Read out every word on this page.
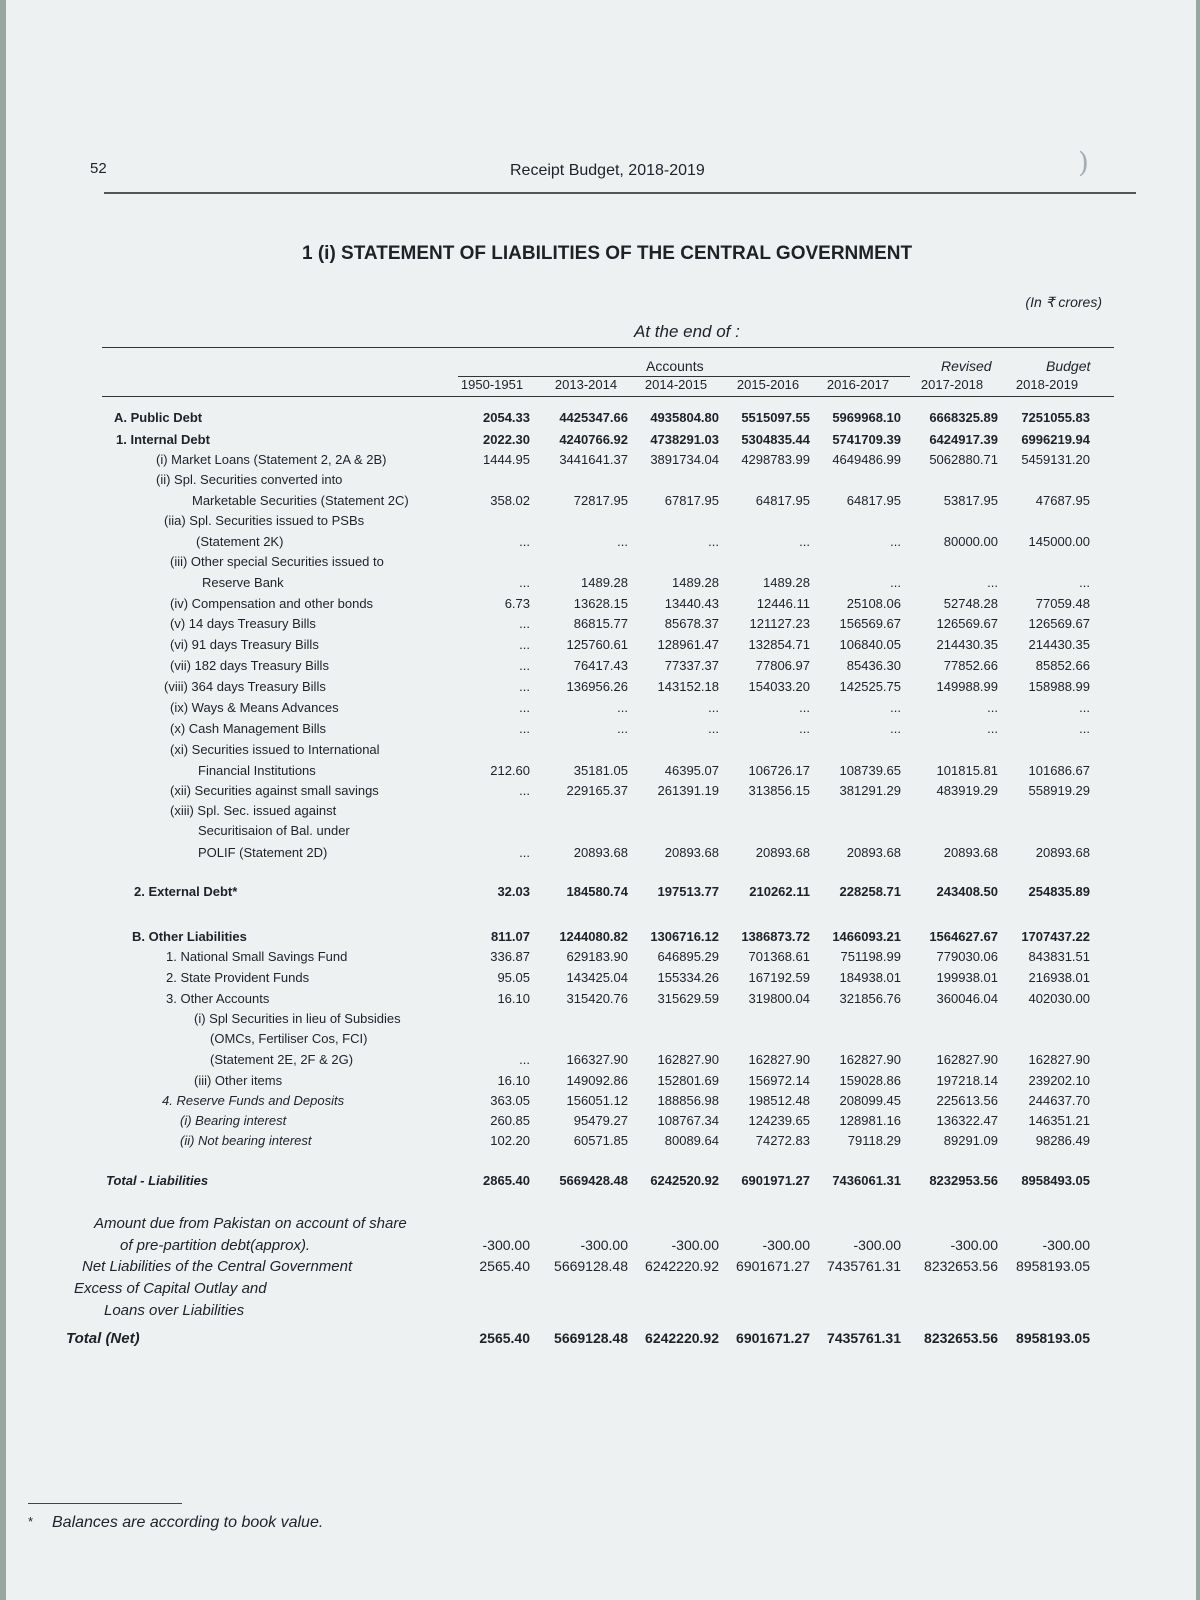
52	Receipt Budget, 2018-2019	)
1 (i) STATEMENT OF LIABILITIES OF THE CENTRAL GOVERNMENT
(In ₹ crores)
At the end of :
Accounts	Revised	Budget
1950-1951	2013-2014	2014-2015	2015-2016	2016-2017	2017-2018	2018-2019
A. Public Debt	2054.33	4425347.66	4935804.80	5515097.55	5969968.10	6668325.89	7251055.83
1. Internal Debt	2022.30	4240766.92	4738291.03	5304835.44	5741709.39	6424917.39	6996219.94
(i) Market Loans (Statement 2, 2A & 2B)	1444.95	3441641.37	3891734.04	4298783.99	4649486.99	5062880.71	5459131.20
(ii) Spl. Securities converted into
Marketable Securities (Statement 2C)	358.02	72817.95	67817.95	64817.95	64817.95	53817.95	47687.95
(iia) Spl. Securities issued to PSBs
(Statement 2K)	...	...	...	...	...	80000.00	145000.00
(iii) Other special Securities issued to
Reserve Bank	...	1489.28	1489.28	1489.28	...	...	...
(iv) Compensation and other bonds	6.73	13628.15	13440.43	12446.11	25108.06	52748.28	77059.48
(v) 14 days Treasury Bills	...	86815.77	85678.37	121127.23	156569.67	126569.67	126569.67
(vi) 91 days Treasury Bills	...	125760.61	128961.47	132854.71	106840.05	214430.35	214430.35
(vii) 182 days Treasury Bills	...	76417.43	77337.37	77806.97	85436.30	77852.66	85852.66
(viii) 364 days Treasury Bills	...	136956.26	143152.18	154033.20	142525.75	149988.99	158988.99
(ix) Ways & Means Advances	...	...	...	...	...	...	...
(x) Cash Management Bills	...	...	...	...	...	...	...
(xi) Securities issued to International
Financial Institutions	212.60	35181.05	46395.07	106726.17	108739.65	101815.81	101686.67
(xii) Securities against small savings	...	229165.37	261391.19	313856.15	381291.29	483919.29	558919.29
(xiii) Spl. Sec. issued against
Securitisaion of Bal. under
POLIF (Statement 2D)	...	20893.68	20893.68	20893.68	20893.68	20893.68	20893.68
2. External Debt*	32.03	184580.74	197513.77	210262.11	228258.71	243408.50	254835.89
B. Other Liabilities	811.07	1244080.82	1306716.12	1386873.72	1466093.21	1564627.67	1707437.22
1. National Small Savings Fund	336.87	629183.90	646895.29	701368.61	751198.99	779030.06	843831.51
2. State Provident Funds	95.05	143425.04	155334.26	167192.59	184938.01	199938.01	216938.01
3. Other Accounts	16.10	315420.76	315629.59	319800.04	321856.76	360046.04	402030.00
(i) Spl Securities in lieu of Subsidies
(OMCs, Fertiliser Cos, FCI)
(Statement 2E, 2F & 2G)	...	166327.90	162827.90	162827.90	162827.90	162827.90	162827.90
(iii) Other items	16.10	149092.86	152801.69	156972.14	159028.86	197218.14	239202.10
4. Reserve Funds and Deposits	363.05	156051.12	188856.98	198512.48	208099.45	225613.56	244637.70
(i) Bearing interest	260.85	95479.27	108767.34	124239.65	128981.16	136322.47	146351.21
(ii) Not bearing interest	102.20	60571.85	80089.64	74272.83	79118.29	89291.09	98286.49
Total - Liabilities	2865.40	5669428.48	6242520.92	6901971.27	7436061.31	8232953.56	8958493.05
Amount due from Pakistan on account of share
of pre-partition debt(approx).	-300.00	-300.00	-300.00	-300.00	-300.00	-300.00	-300.00
Net Liabilities of the Central Government	2565.40	5669128.48	6242220.92	6901671.27	7435761.31	8232653.56	8958193.05
Excess of Capital Outlay and
Loans over Liabilities
Total (Net)	2565.40	5669128.48	6242220.92	6901671.27	7435761.31	8232653.56	8958193.05
* Balances are according to book value.
